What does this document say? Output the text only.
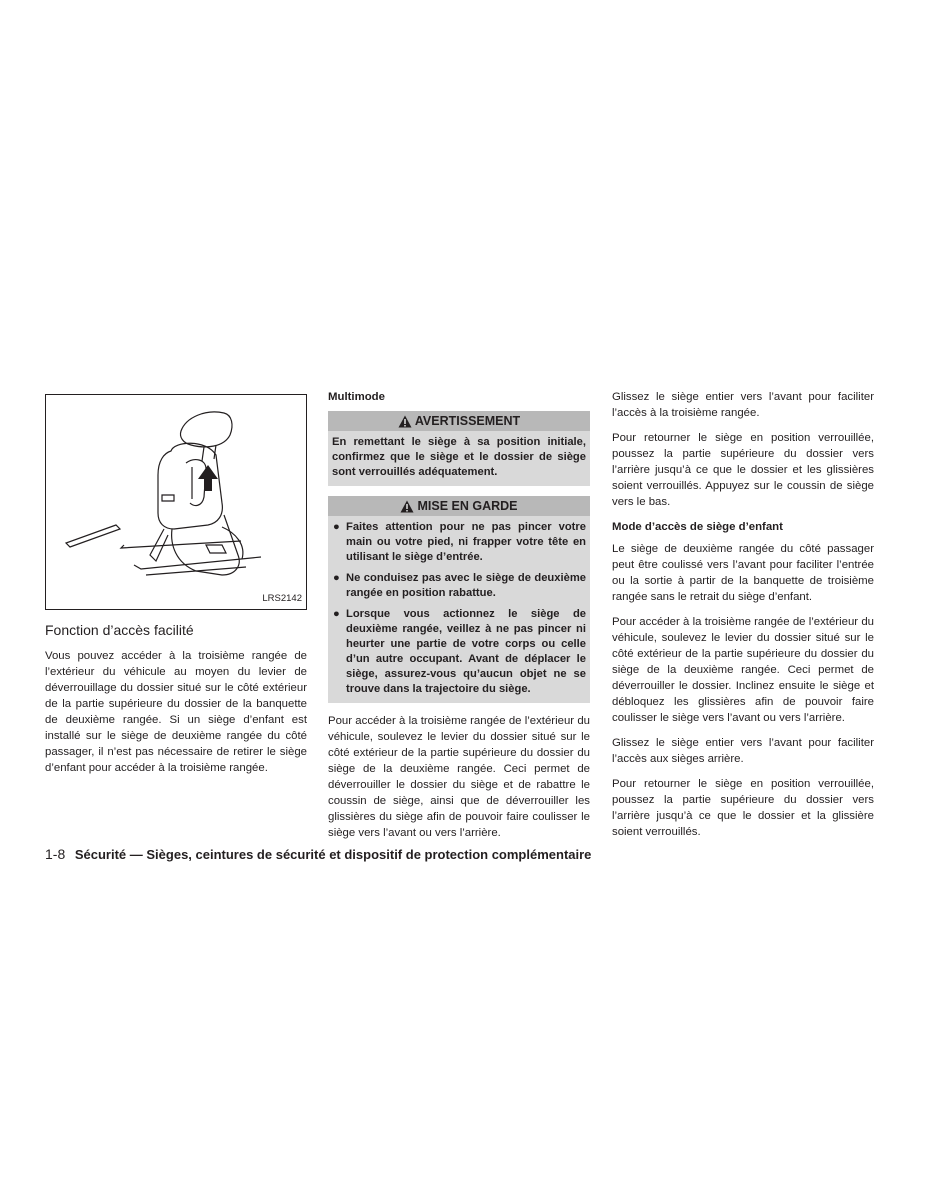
LRS2142
Fonction d’accès facilité

Vous pouvez accéder à la troisième rangée de l’extérieur du véhicule au moyen du levier de déverrouillage du dossier situé sur le côté extérieur de la partie supérieure du dossier de la banquette de deuxième rangée. Si un siège d’enfant est installé sur le siège de deuxième rangée du côté passager, il n’est pas nécessaire de retirer le siège d’enfant pour accéder à la troisième rangée.

Multimode
AVERTISSEMENT
En remettant le siège à sa position initiale, confirmez que le siège et le dossier de siège sont verrouillés adéquatement.
MISE EN GARDE
● Faites attention pour ne pas pincer votre main ou votre pied, ni frapper votre tête en utilisant le siège d’entrée.
● Ne conduisez pas avec le siège de deuxième rangée en position rabattue.
● Lorsque vous actionnez le siège de deuxième rangée, veillez à ne pas pincer ni heurter une partie de votre corps ou celle d’un autre occupant. Avant de déplacer le siège, assurez-vous qu’aucun objet ne se trouve dans la trajectoire du siège.

Pour accéder à la troisième rangée de l’extérieur du véhicule, soulevez le levier du dossier situé sur le côté extérieur de la partie supérieure du dossier du siège de la deuxième rangée. Ceci permet de déverrouiller le dossier du siège et de rabattre le coussin de siège, ainsi que de déverrouiller les glissières du siège afin de pouvoir faire coulisser le siège vers l’avant ou vers l’arrière.

Glissez le siège entier vers l’avant pour faciliter l’accès à la troisième rangée.

Pour retourner le siège en position verrouillée, poussez la partie supérieure du dossier vers l’arrière jusqu’à ce que le dossier et les glissières soient verrouillés. Appuyez sur le coussin de siège vers le bas.

Mode d’accès de siège d’enfant

Le siège de deuxième rangée du côté passager peut être coulissé vers l’avant pour faciliter l’entrée ou la sortie à partir de la banquette de troisième rangée sans le retrait du siège d’enfant.

Pour accéder à la troisième rangée de l’extérieur du véhicule, soulevez le levier du dossier situé sur le côté extérieur de la partie supérieure du dossier du siège de la deuxième rangée. Ceci permet de déverrouiller le dossier. Inclinez ensuite le siège et débloquez les glissières afin de pouvoir faire coulisser le siège vers l’avant ou vers l’arrière.

Glissez le siège entier vers l’avant pour faciliter l’accès aux sièges arrière.

Pour retourner le siège en position verrouillée, poussez la partie supérieure du dossier vers l’arrière jusqu’à ce que le dossier et la glissière soient verrouillés.

1-8 Sécurité — Sièges, ceintures de sécurité et dispositif de protection complémentaire
